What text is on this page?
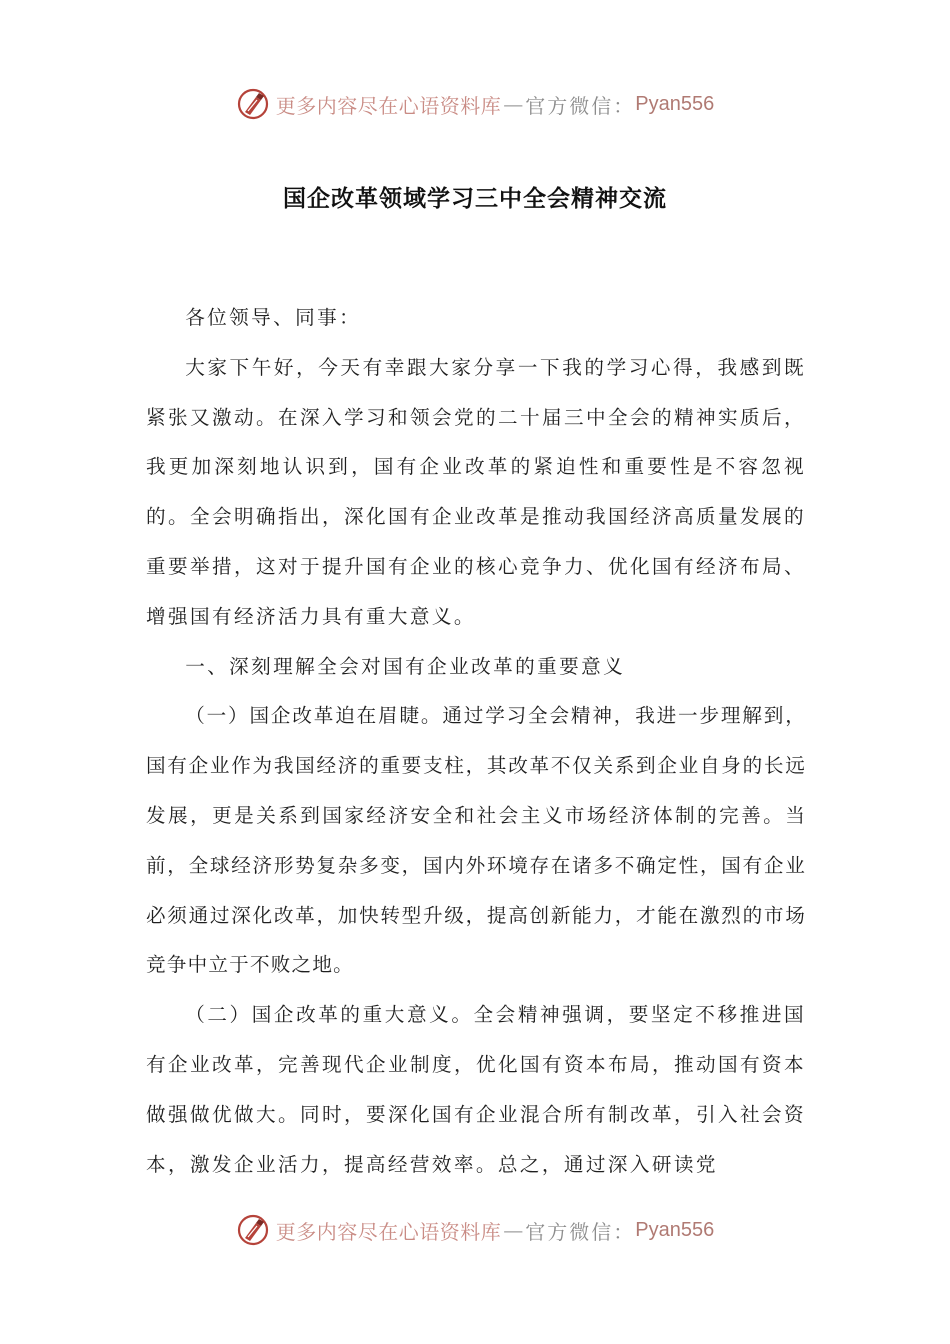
更多内容尽在心语资料库 — 官方微信： Pyan556
国企改革领域学习三中全会精神交流

各位领导、同事：

大家下午好，今天有幸跟大家分享一下我的学习心得，我感到既紧张又激动。在深入学习和领会党的二十届三中全会的精神实质后，我更加深刻地认识到，国有企业改革的紧迫性和重要性是不容忽视的。全会明确指出，深化国有企业改革是推动我国经济高质量发展的重要举措，这对于提升国有企业的核心竞争力、优化国有经济布局、增强国有经济活力具有重大意义。

一、深刻理解全会对国有企业改革的重要意义

（一）国企改革迫在眉睫。通过学习全会精神，我进一步理解到，国有企业作为我国经济的重要支柱，其改革不仅关系到企业自身的长远发展，更是关系到国家经济安全和社会主义市场经济体制的完善。当前，全球经济形势复杂多变，国内外环境存在诸多不确定性，国有企业必须通过深化改革，加快转型升级，提高创新能力，才能在激烈的市场竞争中立于不败之地。

（二）国企改革的重大意义。全会精神强调，要坚定不移推进国有企业改革，完善现代企业制度，优化国有资本布局，推动国有资本做强做优做大。同时，要深化国有企业混合所有制改革，引入社会资本，激发企业活力，提高经营效率。总之，通过深入研读党

更多内容尽在心语资料库 — 官方微信： Pyan556
